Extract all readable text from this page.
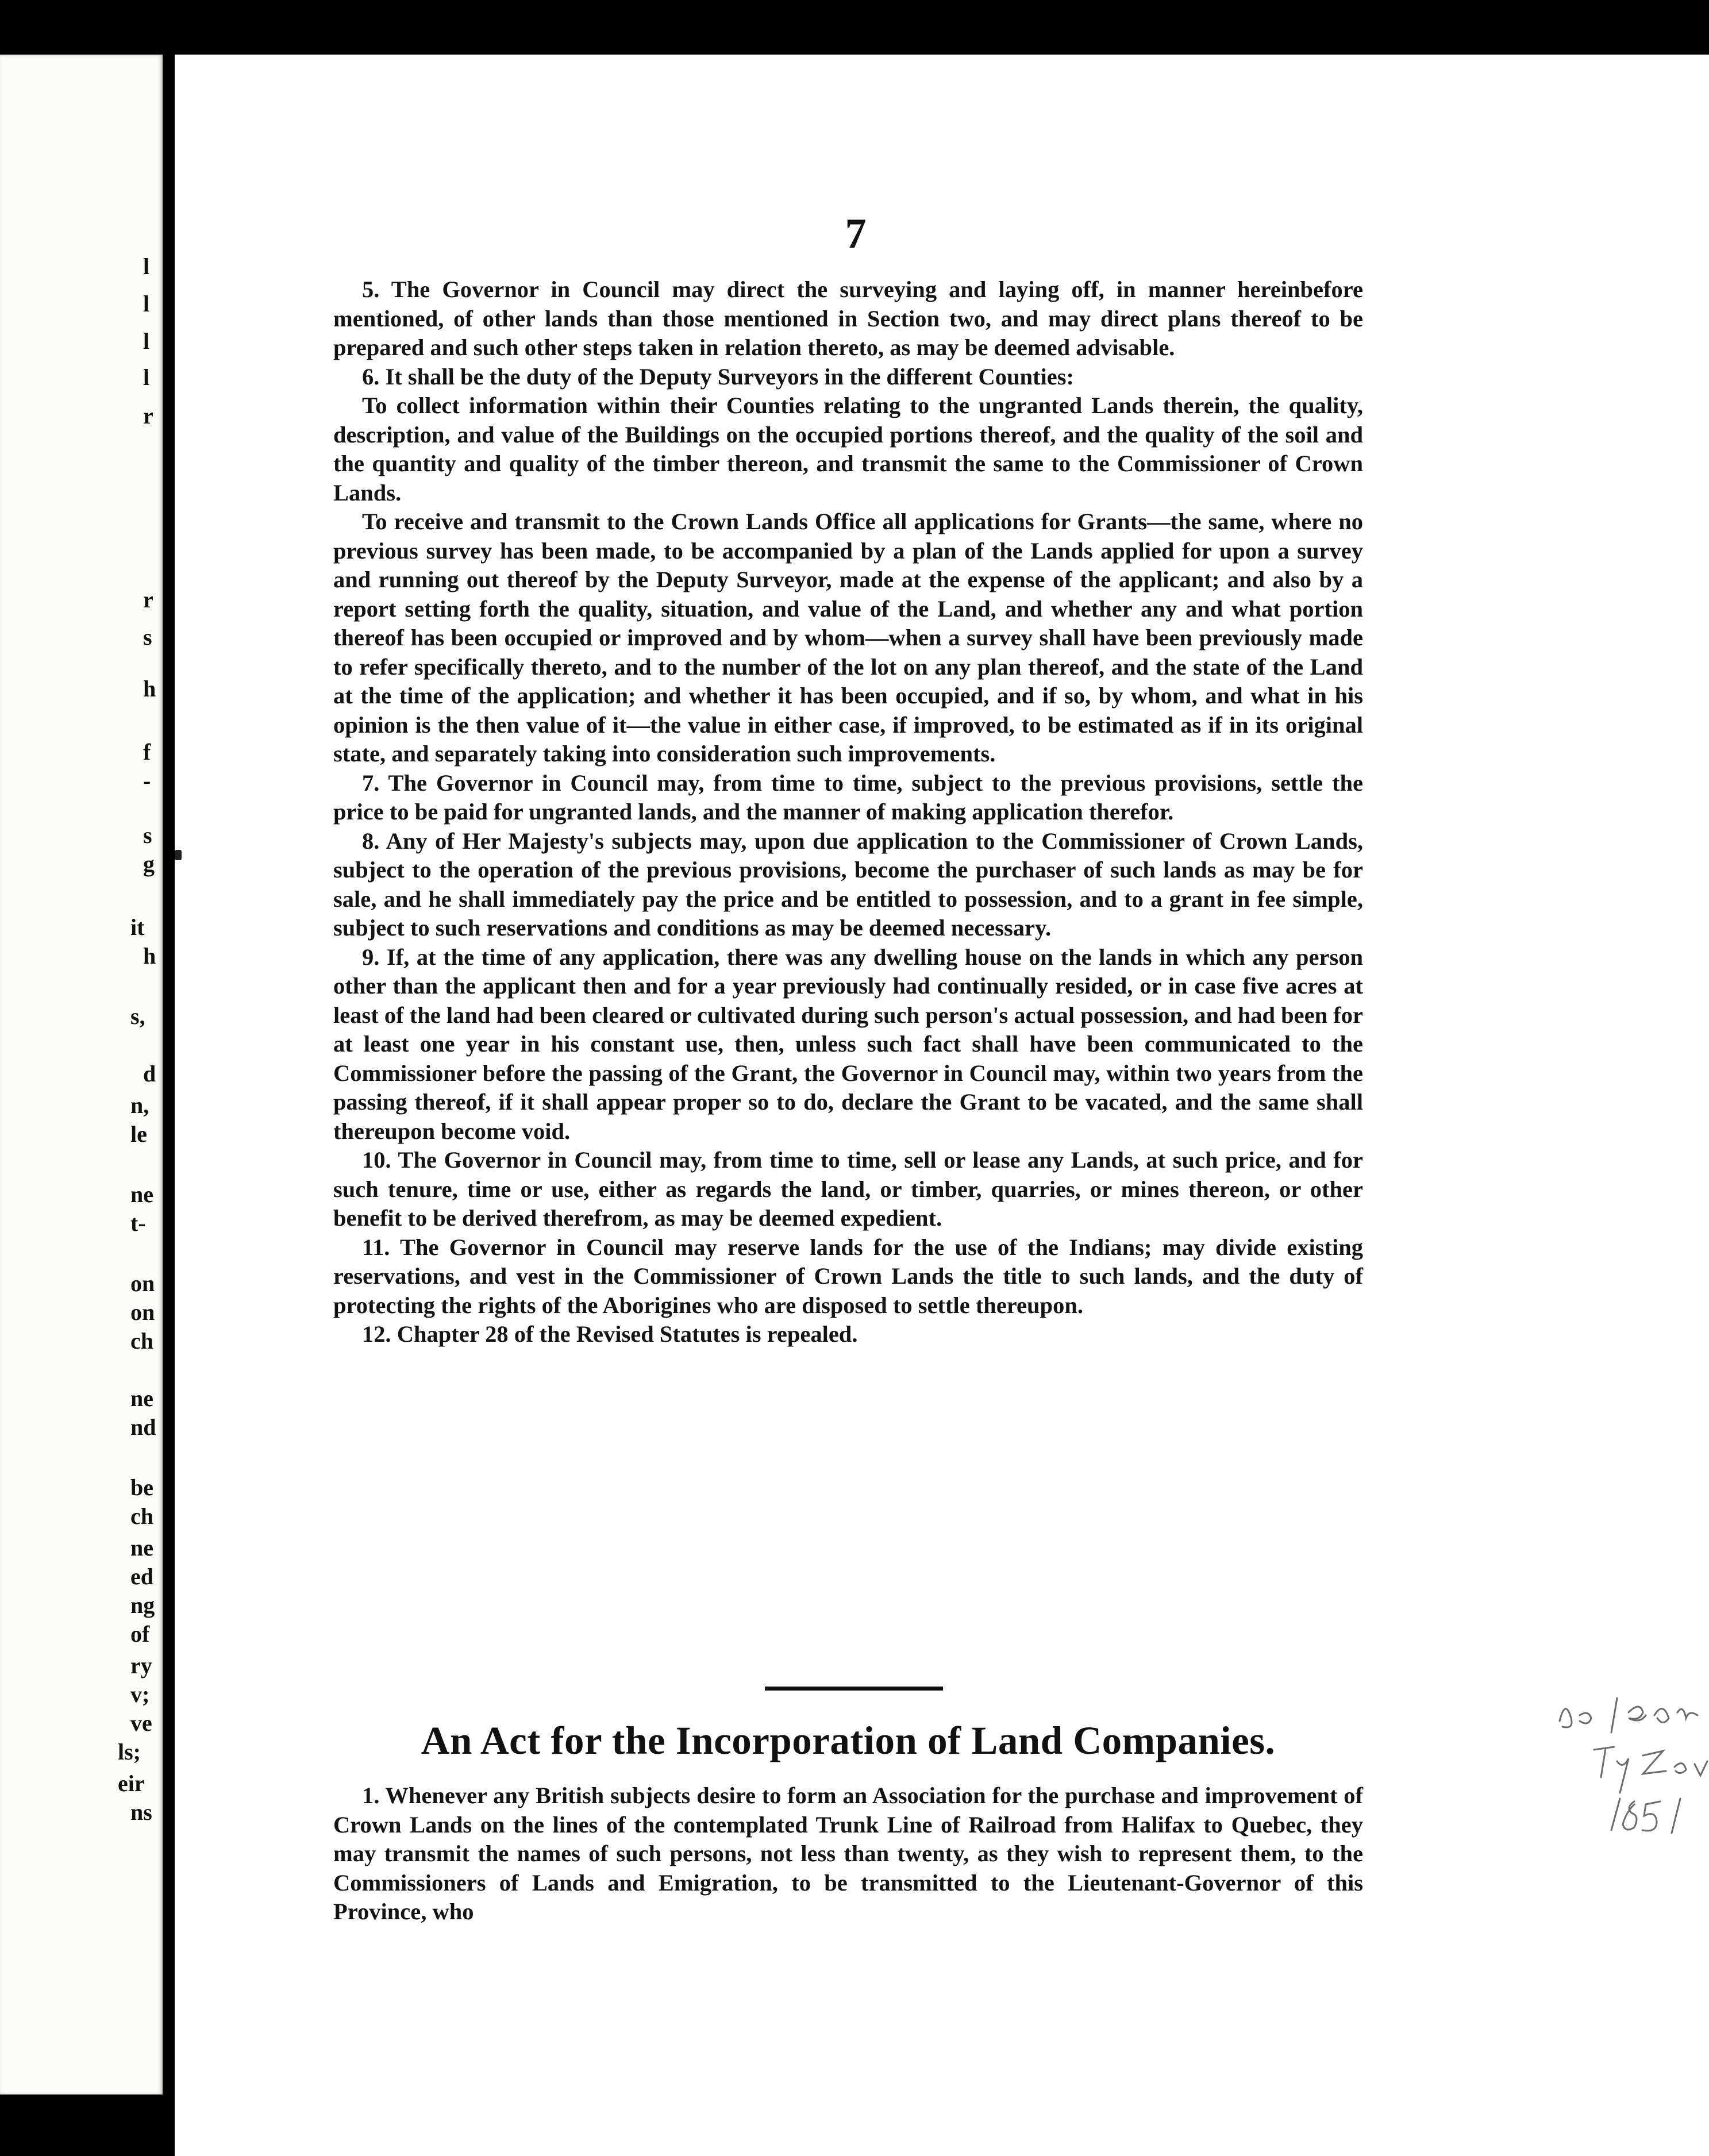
l
l
l
l
r
r
s
h
f
-
s
g
it
h
s,
d
n,
le
ne
t-
on
on
ch
ne
nd
be
ch
ne
ed
ng
of
ry
v;
ve
ls;
eir
ns
7

5. The Governor in Council may direct the surveying and laying off, in manner hereinbefore mentioned, of other lands than those mentioned in Section two, and may direct plans thereof to be prepared and such other steps taken in relation thereto, as may be deemed advisable.

6. It shall be the duty of the Deputy Surveyors in the different Counties:

To collect information within their Counties relating to the ungranted Lands therein, the quality, description, and value of the Buildings on the occupied portions thereof, and the quality of the soil and the quantity and quality of the timber thereon, and transmit the same to the Commissioner of Crown Lands.

To receive and transmit to the Crown Lands Office all applications for Grants—the same, where no previous survey has been made, to be accompanied by a plan of the Lands applied for upon a survey and running out thereof by the Deputy Surveyor, made at the expense of the applicant; and also by a report setting forth the quality, situation, and value of the Land, and whether any and what portion thereof has been occupied or improved and by whom—when a survey shall have been previously made to refer specifically thereto, and to the number of the lot on any plan thereof, and the state of the Land at the time of the application; and whether it has been occupied, and if so, by whom, and what in his opinion is the then value of it—the value in either case, if improved, to be estimated as if in its original state, and separately taking into consideration such improvements.

7. The Governor in Council may, from time to time, subject to the previous provisions, settle the price to be paid for ungranted lands, and the manner of making application therefor.

8. Any of Her Majesty's subjects may, upon due application to the Commissioner of Crown Lands, subject to the operation of the previous provisions, become the purchaser of such lands as may be for sale, and he shall immediately pay the price and be entitled to possession, and to a grant in fee simple, subject to such reservations and conditions as may be deemed necessary.

9. If, at the time of any application, there was any dwelling house on the lands in which any person other than the applicant then and for a year previously had continually resided, or in case five acres at least of the land had been cleared or cultivated during such person's actual possession, and had been for at least one year in his constant use, then, unless such fact shall have been communicated to the Commissioner before the passing of the Grant, the Governor in Council may, within two years from the passing thereof, if it shall appear proper so to do, declare the Grant to be vacated, and the same shall thereupon become void.

10. The Governor in Council may, from time to time, sell or lease any Lands, at such price, and for such tenure, time or use, either as regards the land, or timber, quarries, or mines thereon, or other benefit to be derived therefrom, as may be deemed expedient.

11. The Governor in Council may reserve lands for the use of the Indians; may divide existing reservations, and vest in the Commissioner of Crown Lands the title to such lands, and the duty of protecting the rights of the Aborigines who are disposed to settle thereupon.

12. Chapter 28 of the Revised Statutes is repealed.

An Act for the Incorporation of Land Companies.

1. Whenever any British subjects desire to form an Association for the purchase and improvement of Crown Lands on the lines of the contemplated Trunk Line of Railroad from Halifax to Quebec, they may transmit the names of such persons, not less than twenty, as they wish to represent them, to the Commissioners of Lands and Emigration, to be transmitted to the Lieutenant-Governor of this Province, who
